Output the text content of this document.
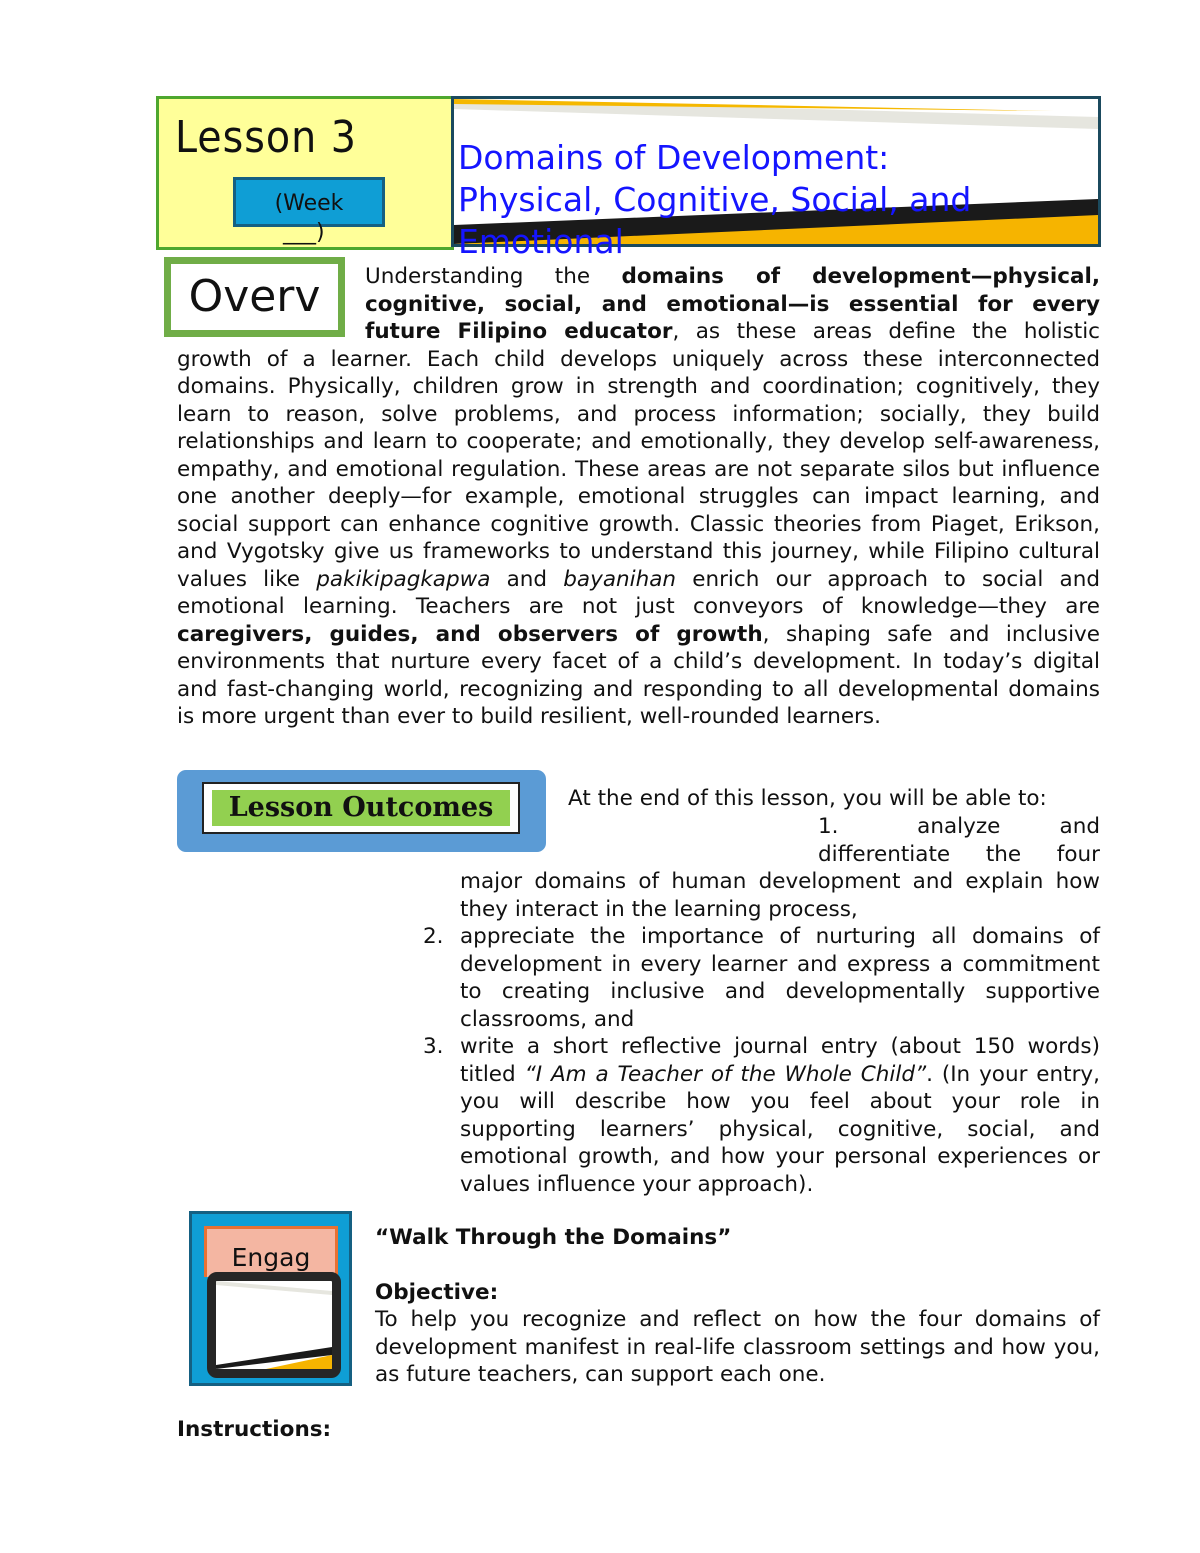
Lesson 3
(Week
___)
Domains of Development:
Physical, Cognitive, Social, and
Emotional
Understanding the domains of development—physical, cognitive, social, and emotional—is essential for every future Filipino educator, as these areas define the holistic growth of a learner. Each child develops uniquely across these interconnected domains. Physically, children grow in strength and coordination; cognitively, they learn to reason, solve problems, and process information; socially, they build relationships and learn to cooperate; and emotionally, they develop self-awareness, empathy, and emotional regulation. These areas are not separate silos but influence one another deeply—for example, emotional struggles can impact learning, and social support can enhance cognitive growth. Classic theories from Piaget, Erikson, and Vygotsky give us frameworks to understand this journey, while Filipino cultural values like pakikipagkapwa and bayanihan enrich our approach to social and emotional learning. Teachers are not just conveyors of knowledge—they are caregivers, guides, and observers of growth, shaping safe and inclusive environments that nurture every facet of a child’s development. In today’s digital and fast-changing world, recognizing and responding to all developmental domains is more urgent than ever to build resilient, well-rounded learners.
Overv
Lesson Outcomes	At the end of this lesson, you will be able to:
1.	analyze and differentiate the four
major domains of human development and explain how they interact in the learning process,
2. appreciate the importance of nurturing all domains of development in every learner and express a commitment to creating inclusive and developmentally supportive classrooms, and
3. write a short reflective journal entry (about 150 words) titled “I Am a Teacher of the Whole Child”. (In your entry, you will describe how you feel about your role in supporting learners’ physical, cognitive, social, and emotional growth, and how your personal experiences or values influence your approach).
Engag
“Walk Through the Domains”
Objective:
To help you recognize and reflect on how the four domains of development manifest in real-life classroom settings and how you, as future teachers, can support each one.
Instructions:
